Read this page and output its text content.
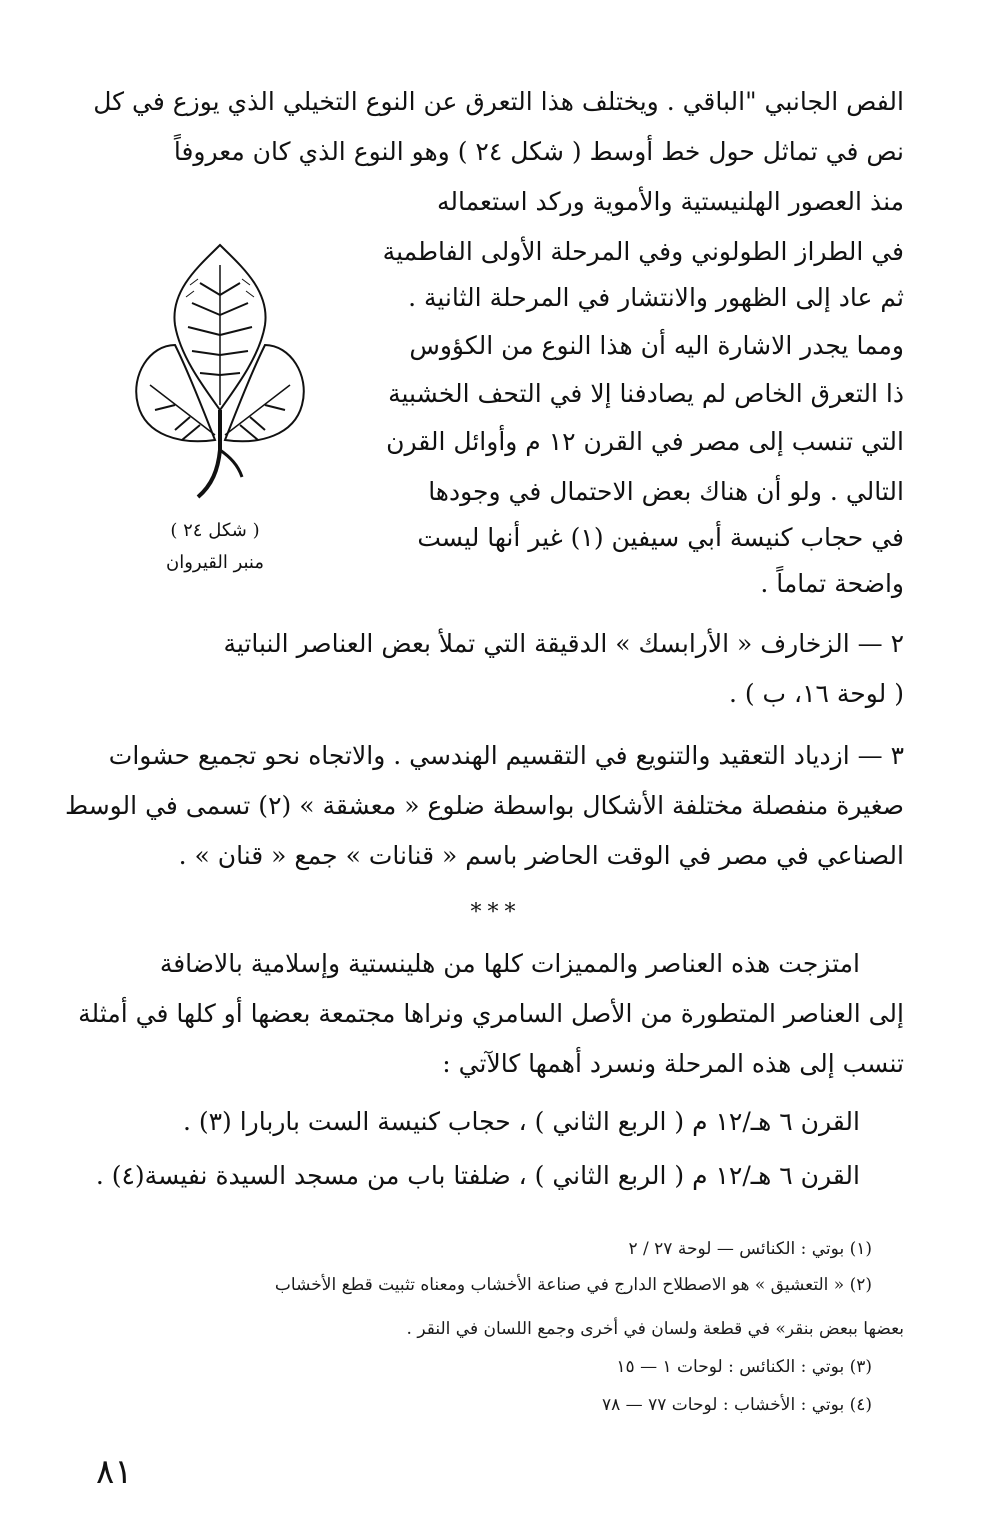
الفص الجانبي "الباقي . ويختلف هذا التعرق عن النوع التخيلي الذي يوزع في كل
نص في تماثل حول خط أوسط ( شكل ٢٤ ) وهو النوع الذي كان معروفاً
منذ العصور الهلنيستية والأموية وركد استعماله
في الطراز الطولوني وفي المرحلة الأولى الفاطمية
ثم عاد إلى الظهور والانتشار في المرحلة الثانية .
ومما يجدر الاشارة اليه أن هذا النوع من الكؤوس
ذا التعرق الخاص لم يصادفنا إلا في التحف الخشبية
التي تنسب إلى مصر في القرن ١٢ م وأوائل القرن
التالي . ولو أن هناك بعض الاحتمال في وجودها
في حجاب كنيسة أبي سيفين (١) غير أنها ليست
واضحة تماماً .
( شكل ٢٤ )
منبر القيروان
٢ — الزخارف « الأرابسك » الدقيقة التي تملأ بعض العناصر النباتية
( لوحة ١٦، ب ) .
٣ — ازدياد التعقيد والتنويع في التقسيم الهندسي . والاتجاه نحو تجميع حشوات
صغيرة منفصلة مختلفة الأشكال بواسطة ضلوع « معشقة » (٢) تسمى في الوسط
الصناعي في مصر في الوقت الحاضر باسم « قنانات » جمع « قنان » .
***
امتزجت هذه العناصر والمميزات كلها من هلينستية وإسلامية بالاضافة
إلى العناصر المتطورة من الأصل السامري ونراها مجتمعة بعضها أو كلها في أمثلة
تنسب إلى هذه المرحلة ونسرد أهمها كالآتي :
القرن ٦ هـ/١٢ م ( الربع الثاني ) ، حجاب كنيسة الست باربارا (٣) .
القرن ٦ هـ/١٢ م ( الربع الثاني ) ، ضلفتا باب من مسجد السيدة نفيسة(٤) .
(١) بوتي : الكنائس — لوحة ٢٧ / ٢
(٢) « التعشيق » هو الاصطلاح الدارج في صناعة الأخشاب ومعناه تثبيت قطع الأخشاب
بعضها ببعض بنقر» في قطعة ولسان في أخرى وجمع اللسان في النقر .
(٣) بوتي : الكنائس : لوحات ١ — ١٥
(٤) بوتي : الأخشاب : لوحات ٧٧ — ٧٨
٨١
